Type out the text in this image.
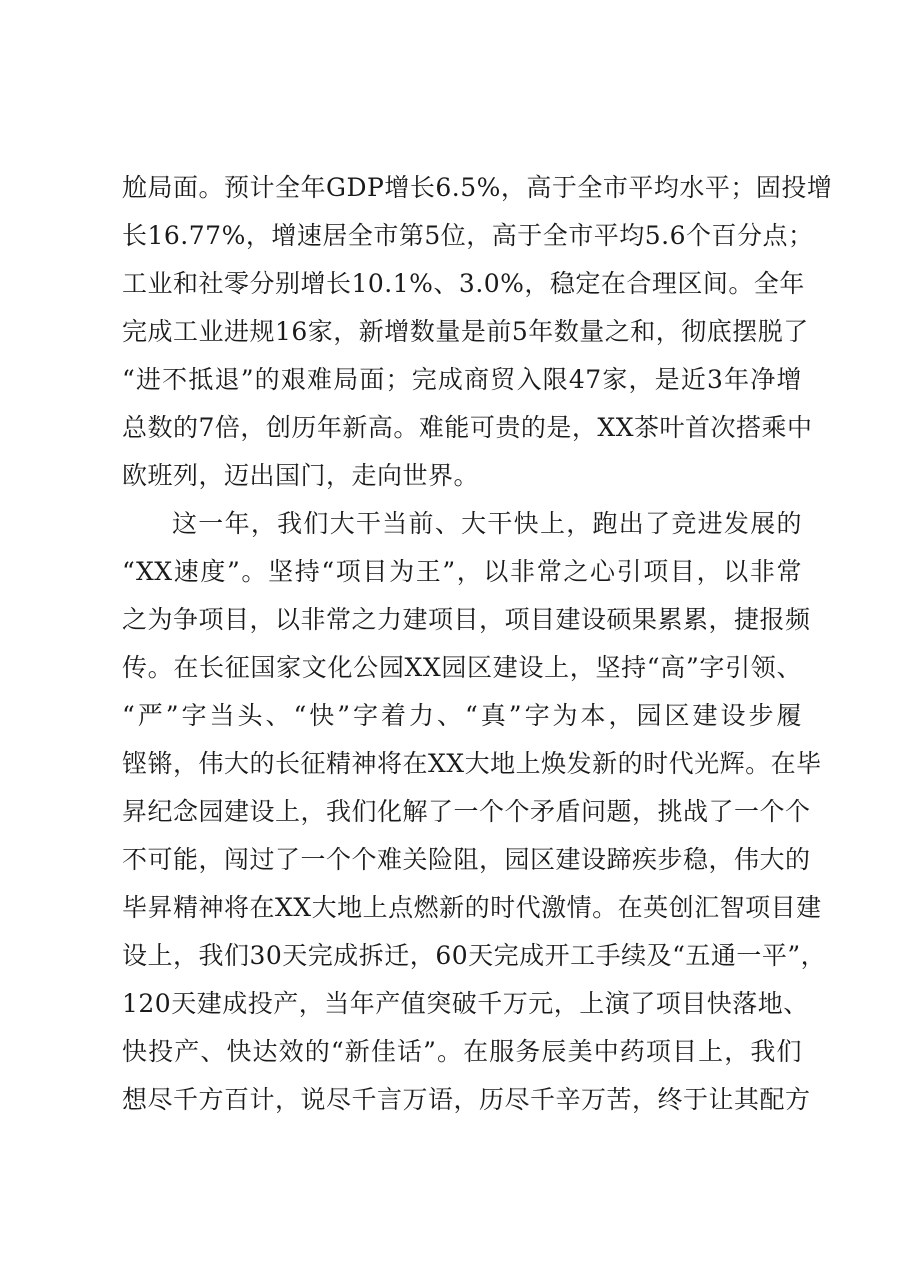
尬局面。预计全年GDP增长6.5%，高于全市平均水平；固投增
长16.77%，增速居全市第5位，高于全市平均5.6个百分点；
工业和社零分别增长10.1%、3.0%，稳定在合理区间。全年
完成工业进规16家，新增数量是前5年数量之和，彻底摆脱了
“进不抵退”的艰难局面；完成商贸入限47家，是近3年净增
总数的7倍，创历年新高。难能可贵的是，XX茶叶首次搭乘中
欧班列，迈出国门，走向世界。
这一年，我们大干当前、大干快上，跑出了竞进发展的
“XX速度”。坚持“项目为王”，以非常之心引项目，以非常
之为争项目，以非常之力建项目，项目建设硕果累累，捷报频
传。在长征国家文化公园XX园区建设上，坚持“高”字引领、
“严”字当头、“快”字着力、“真”字为本，园区建设步履
铿锵，伟大的长征精神将在XX大地上焕发新的时代光辉。在毕
昇纪念园建设上，我们化解了一个个矛盾问题，挑战了一个个
不可能，闯过了一个个难关险阻，园区建设蹄疾步稳，伟大的
毕昇精神将在XX大地上点燃新的时代激情。在英创汇智项目建
设上，我们30天完成拆迁，60天完成开工手续及“五通一平”，
120天建成投产，当年产值突破千万元，上演了项目快落地、
快投产、快达效的“新佳话”。在服务辰美中药项目上，我们
想尽千方百计，说尽千言万语，历尽千辛万苦，终于让其配方
